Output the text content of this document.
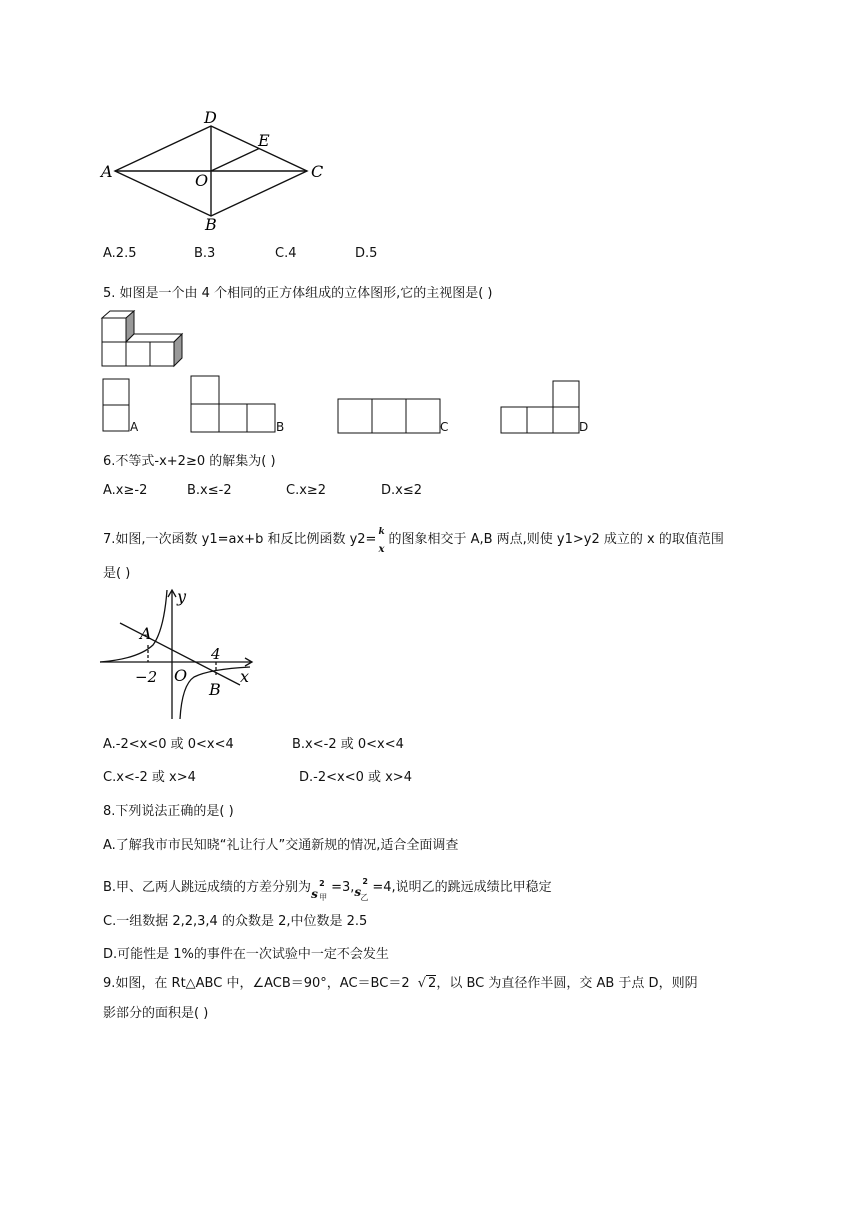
A
D
E
C
O
B
A.2.5	B.3	C.4	D.5
5. 如图是一个由 4 个相同的正方体组成的立体图形,它的主视图是( )
A	B	C	D
6.不等式-x+2≥0 的解集为( )
A.x≥-2	B.x≤-2	C.x≥2	D.x≤2
7.如图,一次函数 y1=ax+b 和反比例函数 y2= k
x
的图象相交于 A,B 两点,则使 y1>y2 成立的 x 的取值范围
是( )
y
x
A
B
O
−2
4
A.-2<x<0 或 0<x<4	B.x<-2 或 0<x<4
C.x<-2 或 x>4	D.-2<x<0 或 x>4
8.下列说法正确的是( )
A.了解我市市民知晓“礼让行人”交通新规的情况,适合全面调查
B.甲、乙两人跳远成绩的方差分别为 s
2
甲
=3, s
2
乙
=4,说明乙的跳远成绩比甲稳定
C.一组数据 2,2,3,4 的众数是 2,中位数是 2.5
D.可能性是 1%的事件在一次试验中一定不会发生
9.如图，在 Rt△ABC 中，∠ACB＝90°，AC＝BC＝2 √ 2，以 BC 为直径作半圆，交 AB 于点 D，则阴
影部分的面积是( )
